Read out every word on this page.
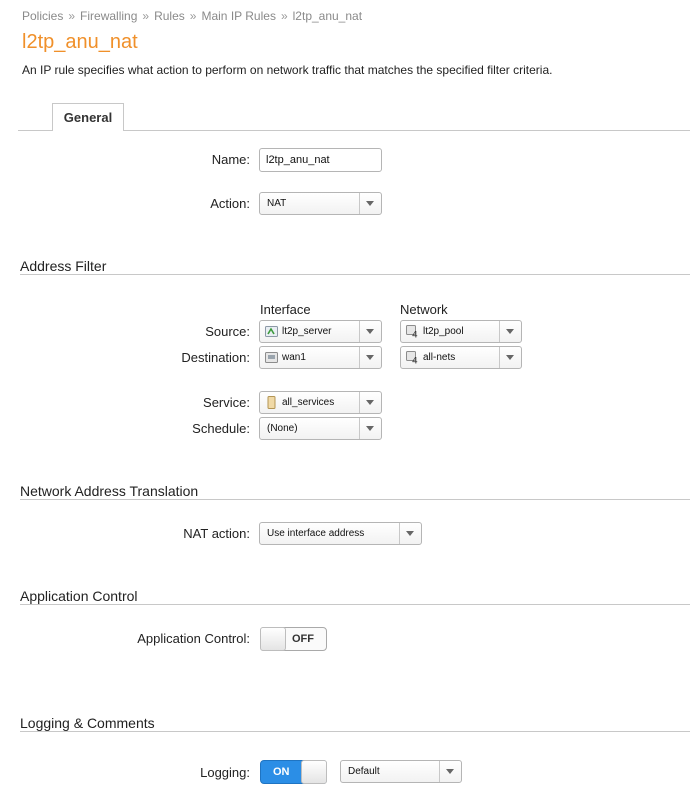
Policies » Firewalling » Rules » Main IP Rules » l2tp_anu_nat
l2tp_anu_nat
An IP rule specifies what action to perform on network traffic that matches the specified filter criteria.
General
Name:
l2tp_anu_nat
Action: NAT
Address Filter
Interface	Network
Source:	lt2p_server	4 lt2p_pool
Destination:	wan1	4 all-nets
Service:	all_services
Schedule: (None)
Network Address Translation
NAT action: Use interface address
Application Control
Application Control:	OFF
Logging & Comments
Logging: ON	Default
